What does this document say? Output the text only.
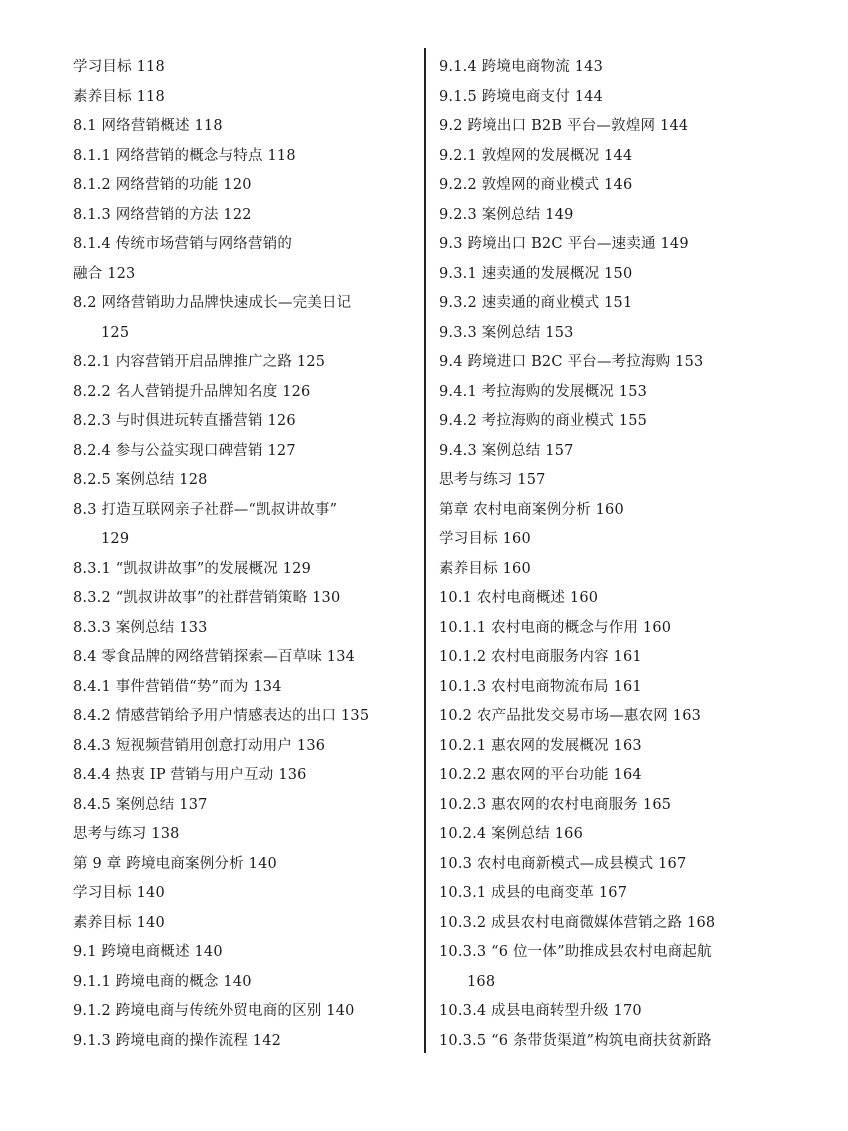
学习目标 118
素养目标 118
8.1 网络营销概述 118
8.1.1 网络营销的概念与特点 118
8.1.2 网络营销的功能 120
8.1.3 网络营销的方法 122
8.1.4 传统市场营销与网络营销的
融合 123
8.2 网络营销助力品牌快速成长—完美日记
125
8.2.1 内容营销开启品牌推广之路 125
8.2.2 名人营销提升品牌知名度 126
8.2.3 与时俱进玩转直播营销 126
8.2.4 参与公益实现口碑营销 127
8.2.5 案例总结 128
8.3 打造互联网亲子社群—“凯叔讲故事”
129
8.3.1 “凯叔讲故事”的发展概况 129
8.3.2 “凯叔讲故事”的社群营销策略 130
8.3.3 案例总结 133
8.4 零食品牌的网络营销探索—百草味 134
8.4.1 事件营销借“势”而为 134
8.4.2 情感营销给予用户情感表达的出口 135
8.4.3 短视频营销用创意打动用户 136
8.4.4 热衷 IP 营销与用户互动 136
8.4.5 案例总结 137
思考与练习 138
第 9 章 跨境电商案例分析 140
学习目标 140
素养目标 140
9.1 跨境电商概述 140
9.1.1 跨境电商的概念 140
9.1.2 跨境电商与传统外贸电商的区别 140
9.1.3 跨境电商的操作流程 142
9.1.4 跨境电商物流 143
9.1.5 跨境电商支付 144
9.2 跨境出口 B2B 平台—敦煌网 144
9.2.1 敦煌网的发展概况 144
9.2.2 敦煌网的商业模式 146
9.2.3 案例总结 149
9.3 跨境出口 B2C 平台—速卖通 149
9.3.1 速卖通的发展概况 150
9.3.2 速卖通的商业模式 151
9.3.3 案例总结 153
9.4 跨境进口 B2C 平台—考拉海购 153
9.4.1 考拉海购的发展概况 153
9.4.2 考拉海购的商业模式 155
9.4.3 案例总结 157
思考与练习 157
第章 农村电商案例分析 160
学习目标 160
素养目标 160
10.1 农村电商概述 160
10.1.1 农村电商的概念与作用 160
10.1.2 农村电商服务内容 161
10.1.3 农村电商物流布局 161
10.2 农产品批发交易市场—惠农网 163
10.2.1 惠农网的发展概况 163
10.2.2 惠农网的平台功能 164
10.2.3 惠农网的农村电商服务 165
10.2.4 案例总结 166
10.3 农村电商新模式—成县模式 167
10.3.1 成县的电商变革 167
10.3.2 成县农村电商微媒体营销之路 168
10.3.3 “6 位一体”助推成县农村电商起航
168
10.3.4 成县电商转型升级 170
10.3.5 “6 条带货渠道”构筑电商扶贫新路
